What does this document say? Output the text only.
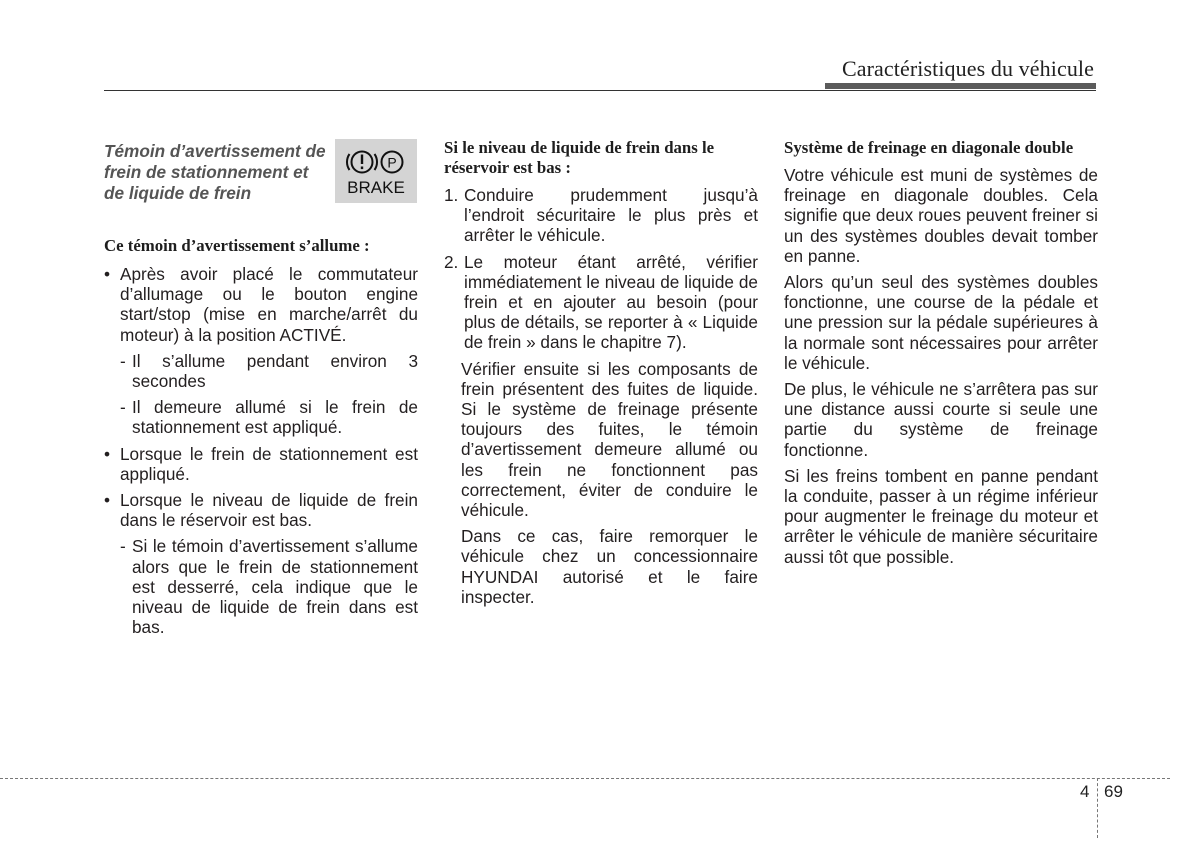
Caractéristiques du véhicule
Témoin d’avertissement de frein de stationnement et de liquide de frein
P
BRAKE
Ce témoin d’avertissement s’allume :
• Après avoir placé le commutateur d’allumage ou le bouton engine start/stop (mise en marche/arrêt du moteur) à la position ACTIVÉ.
- Il s’allume pendant environ 3 secondes
- Il demeure allumé si le frein de stationnement est appliqué.
• Lorsque le frein de stationnement est appliqué.
• Lorsque le niveau de liquide de frein dans le réservoir est bas.
- Si le témoin d’avertissement s’allume alors que le frein de stationnement est desserré, cela indique que le niveau de liquide de frein dans est bas.
Si le niveau de liquide de frein dans le réservoir est bas :
1. Conduire prudemment jusqu’à l’endroit sécuritaire le plus près et arrêter le véhicule.
2. Le moteur étant arrêté, vérifier immédiatement le niveau de liquide de frein et en ajouter au besoin (pour plus de détails, se reporter à « Liquide de frein » dans le chapitre 7).

Vérifier ensuite si les composants de frein présentent des fuites de liquide. Si le système de freinage présente toujours des fuites, le témoin d’avertissement demeure allumé ou les frein ne fonctionnent pas correctement, éviter de conduire le véhicule.

Dans ce cas, faire remorquer le véhicule chez un concessionnaire HYUNDAI autorisé et le faire inspecter.

Système de freinage en diagonale double

Votre véhicule est muni de systèmes de freinage en diagonale doubles. Cela signifie que deux roues peuvent freiner si un des systèmes doubles devait tomber en panne.

Alors qu’un seul des systèmes doubles fonctionne, une course de la pédale et une pression sur la pédale supérieures à la normale sont nécessaires pour arrêter le véhicule.

De plus, le véhicule ne s’arrêtera pas sur une distance aussi courte si seule une partie du système de freinage fonctionne.

Si les freins tombent en panne pendant la conduite, passer à un régime inférieur pour augmenter le freinage du moteur et arrêter le véhicule de manière sécuritaire aussi tôt que possible.

4 69
